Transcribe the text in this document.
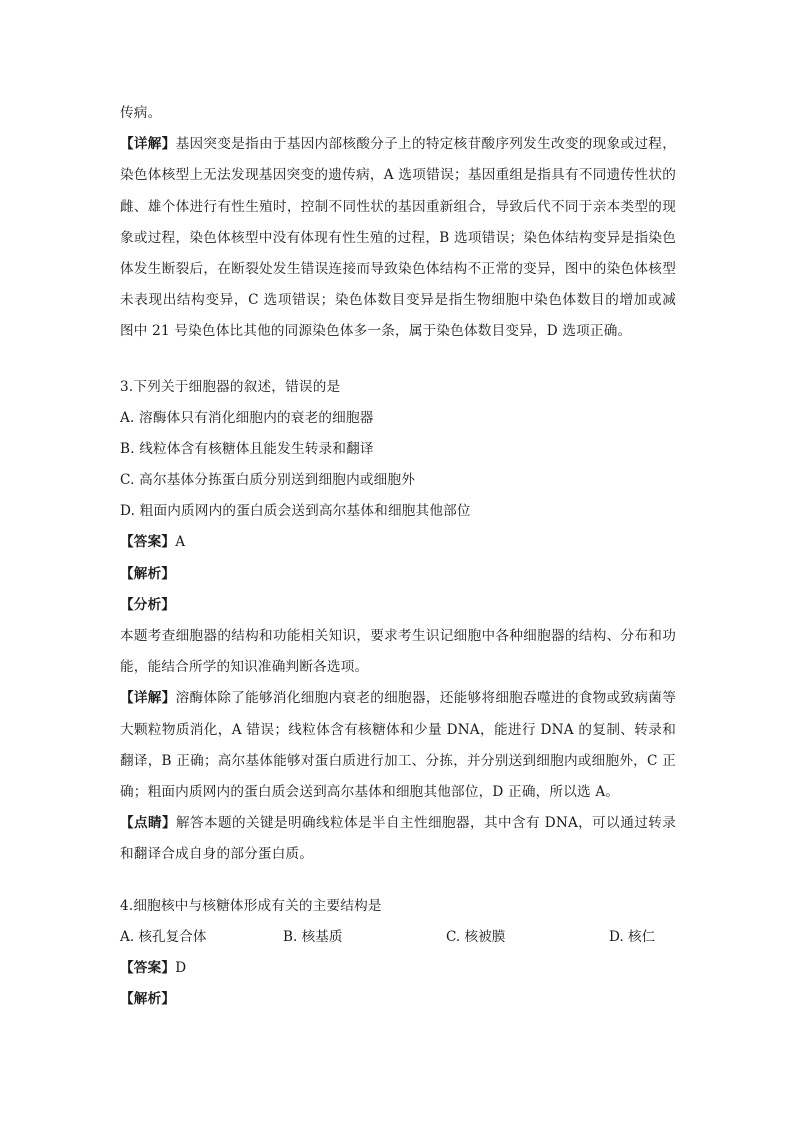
传病。
【详解】基因突变是指由于基因内部核酸分子上的特定核苷酸序列发生改变的现象或过程，
染色体核型上无法发现基因突变的遗传病，A 选项错误；基因重组是指具有不同遗传性状的
雌、雄个体进行有性生殖时，控制不同性状的基因重新组合，导致后代不同于亲本类型的现
象或过程，染色体核型中没有体现有性生殖的过程，B 选项错误；染色体结构变异是指染色
体发生断裂后，在断裂处发生错误连接而导致染色体结构不正常的变异，图中的染色体核型
未表现出结构变异，C 选项错误；染色体数目变异是指生物细胞中染色体数目的增加或减
图中 21 号染色体比其他的同源染色体多一条，属于染色体数目变异，D 选项正确。
3.下列关于细胞器的叙述，错误的是
A. 溶酶体只有消化细胞内的衰老的细胞器
B. 线粒体含有核糖体且能发生转录和翻译
C. 高尔基体分拣蛋白质分别送到细胞内或细胞外
D. 粗面内质网内的蛋白质会送到高尔基体和细胞其他部位
【答案】A
【解析】
【分析】
本题考查细胞器的结构和功能相关知识，要求考生识记细胞中各种细胞器的结构、分布和功
能，能结合所学的知识准确判断各选项。
【详解】溶酶体除了能够消化细胞内衰老的细胞器，还能够将细胞吞噬进的食物或致病菌等
大颗粒物质消化，A 错误；线粒体含有核糖体和少量 DNA，能进行 DNA 的复制、转录和
翻译，B 正确；高尔基体能够对蛋白质进行加工、分拣，并分别送到细胞内或细胞外，C 正
确；粗面内质网内的蛋白质会送到高尔基体和细胞其他部位，D 正确，所以选 A。
【点睛】解答本题的关键是明确线粒体是半自主性细胞器，其中含有 DNA，可以通过转录
和翻译合成自身的部分蛋白质。
4.细胞核中与核糖体形成有关的主要结构是
A. 核孔复合体	B. 核基质	C. 核被膜	D. 核仁
【答案】D
【解析】
